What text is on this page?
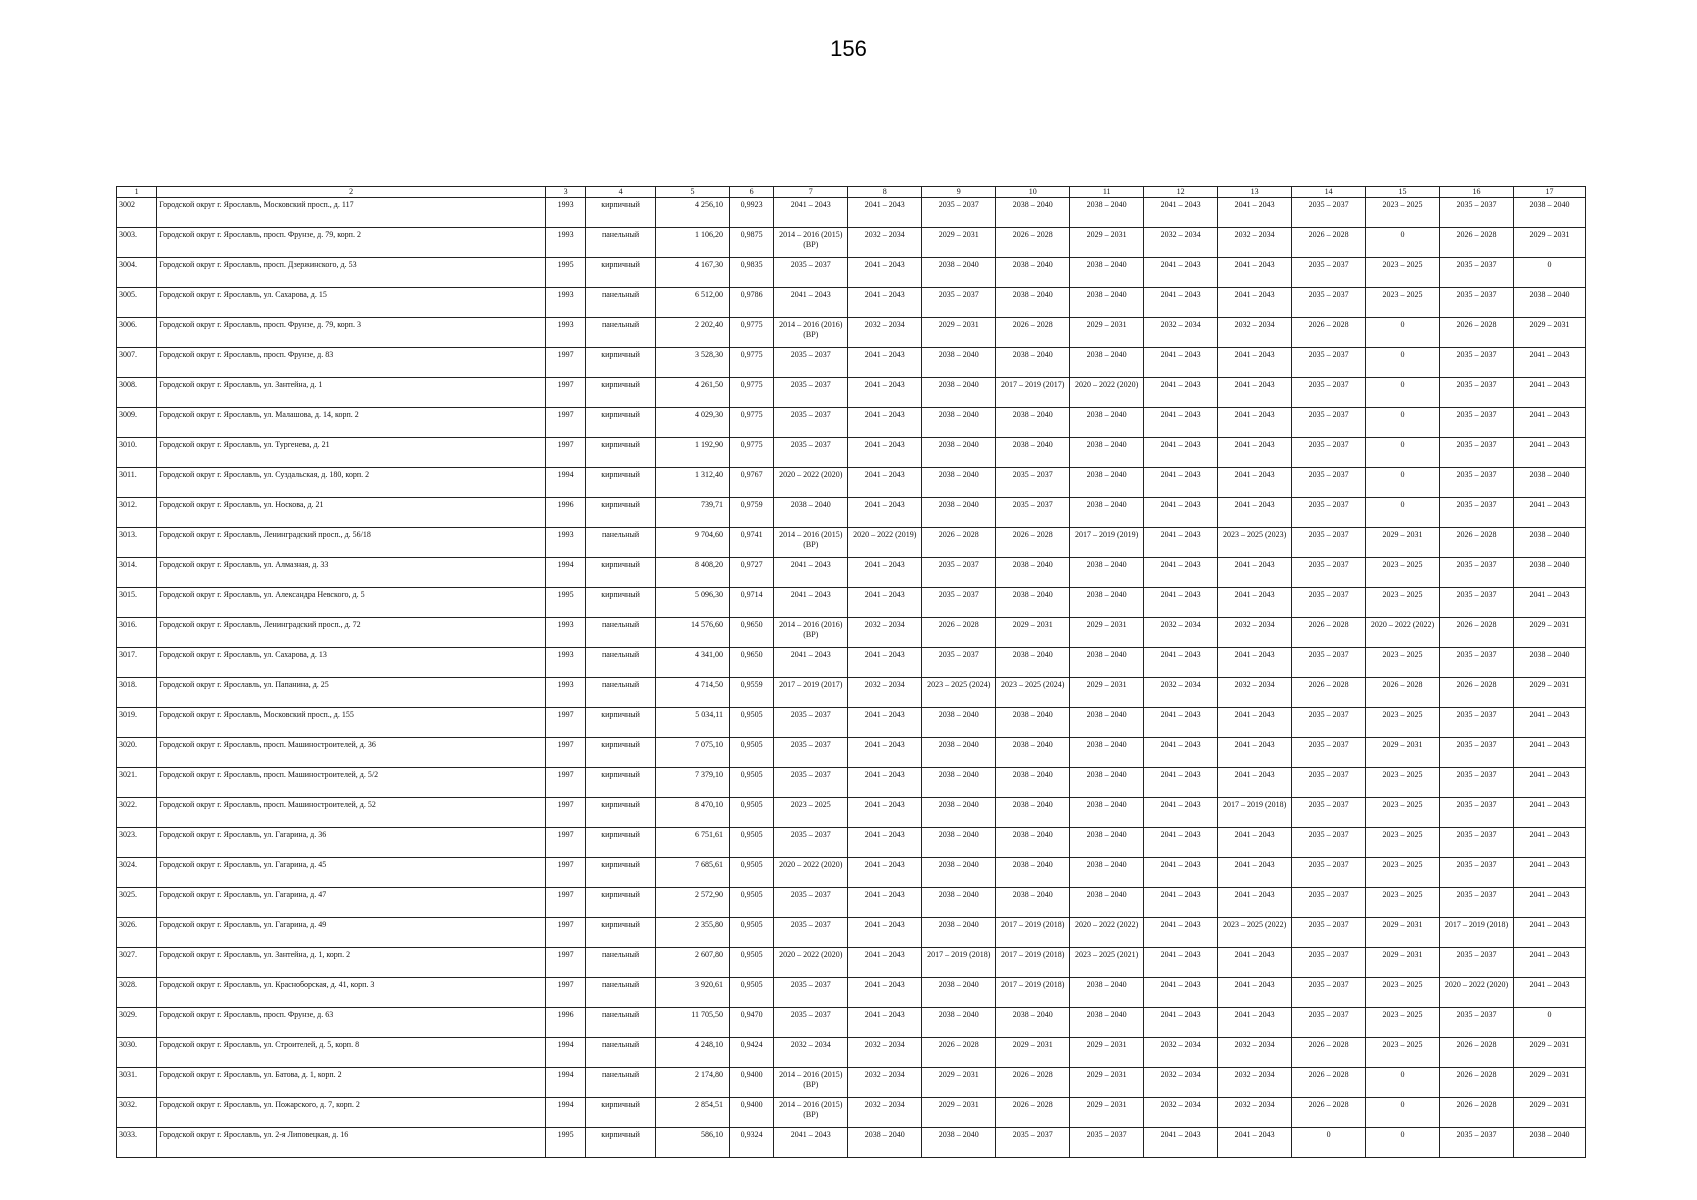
156
1	2	3	4	5	6	7	8	9	10	11	12	13	14	15	16	17
3002	Городской округ г. Ярославль, Московский просп., д. 117	1993	кирпичный	4 256,10	0,9923	2041 – 2043	2041 – 2043	2035 – 2037	2038 – 2040	2038 – 2040	2041 – 2043	2041 – 2043	2035 – 2037	2023 – 2025	2035 – 2037	2038 – 2040
3003.	Городской округ г. Ярославль, просп. Фрунзе, д. 79, корп. 2	1993	панельный	1 106,20	0,9875	2014 – 2016 (2015) (ВР)	2032 – 2034	2029 – 2031	2026 – 2028	2029 – 2031	2032 – 2034	2032 – 2034	2026 – 2028	0	2026 – 2028	2029 – 2031
3004.	Городской округ г. Ярославль, просп. Дзержинского, д. 53	1995	кирпичный	4 167,30	0,9835	2035 – 2037	2041 – 2043	2038 – 2040	2038 – 2040	2038 – 2040	2041 – 2043	2041 – 2043	2035 – 2037	2023 – 2025	2035 – 2037	0
3005.	Городской округ г. Ярославль, ул. Сахарова, д. 15	1993	панельный	6 512,00	0,9786	2041 – 2043	2041 – 2043	2035 – 2037	2038 – 2040	2038 – 2040	2041 – 2043	2041 – 2043	2035 – 2037	2023 – 2025	2035 – 2037	2038 – 2040
3006.	Городской округ г. Ярославль, просп. Фрунзе, д. 79, корп. 3	1993	панельный	2 202,40	0,9775	2014 – 2016 (2016) (ВР)	2032 – 2034	2029 – 2031	2026 – 2028	2029 – 2031	2032 – 2034	2032 – 2034	2026 – 2028	0	2026 – 2028	2029 – 2031
3007.	Городской округ г. Ярославль, просп. Фрунзе, д. 83	1997	кирпичный	3 528,30	0,9775	2035 – 2037	2041 – 2043	2038 – 2040	2038 – 2040	2038 – 2040	2041 – 2043	2041 – 2043	2035 – 2037	0	2035 – 2037	2041 – 2043
3008.	Городской округ г. Ярославль, ул. Зантейна, д. 1	1997	кирпичный	4 261,50	0,9775	2035 – 2037	2041 – 2043	2038 – 2040	2017 – 2019 (2017)	2020 – 2022 (2020)	2041 – 2043	2041 – 2043	2035 – 2037	0	2035 – 2037	2041 – 2043
3009.	Городской округ г. Ярославль, ул. Малашова, д. 14, корп. 2	1997	кирпичный	4 029,30	0,9775	2035 – 2037	2041 – 2043	2038 – 2040	2038 – 2040	2038 – 2040	2041 – 2043	2041 – 2043	2035 – 2037	0	2035 – 2037	2041 – 2043
3010.	Городской округ г. Ярославль, ул. Тургенева, д. 21	1997	кирпичный	1 192,90	0,9775	2035 – 2037	2041 – 2043	2038 – 2040	2038 – 2040	2038 – 2040	2041 – 2043	2041 – 2043	2035 – 2037	0	2035 – 2037	2041 – 2043
3011.	Городской округ г. Ярославль, ул. Суздальская, д. 180, корп. 2	1994	кирпичный	1 312,40	0,9767	2020 – 2022 (2020)	2041 – 2043	2038 – 2040	2035 – 2037	2038 – 2040	2041 – 2043	2041 – 2043	2035 – 2037	0	2035 – 2037	2038 – 2040
3012.	Городской округ г. Ярославль, ул. Носкова, д. 21	1996	кирпичный	739,71	0,9759	2038 – 2040	2041 – 2043	2038 – 2040	2035 – 2037	2038 – 2040	2041 – 2043	2041 – 2043	2035 – 2037	0	2035 – 2037	2041 – 2043
3013.	Городской округ г. Ярославль, Ленинградский просп., д. 56/18	1993	панельный	9 704,60	0,9741	2014 – 2016 (2015) (ВР)	2020 – 2022 (2019)	2026 – 2028	2026 – 2028	2017 – 2019 (2019)	2041 – 2043	2023 – 2025 (2023)	2035 – 2037	2029 – 2031	2026 – 2028	2038 – 2040
3014.	Городской округ г. Ярославль, ул. Алмазная, д. 33	1994	кирпичный	8 408,20	0,9727	2041 – 2043	2041 – 2043	2035 – 2037	2038 – 2040	2038 – 2040	2041 – 2043	2041 – 2043	2035 – 2037	2023 – 2025	2035 – 2037	2038 – 2040
3015.	Городской округ г. Ярославль, ул. Александра Невского, д. 5	1995	кирпичный	5 096,30	0,9714	2041 – 2043	2041 – 2043	2035 – 2037	2038 – 2040	2038 – 2040	2041 – 2043	2041 – 2043	2035 – 2037	2023 – 2025	2035 – 2037	2041 – 2043
3016.	Городской округ г. Ярославль, Ленинградский просп., д. 72	1993	панельный	14 576,60	0,9650	2014 – 2016 (2016) (ВР)	2032 – 2034	2026 – 2028	2029 – 2031	2029 – 2031	2032 – 2034	2032 – 2034	2026 – 2028	2020 – 2022 (2022)	2026 – 2028	2029 – 2031
3017.	Городской округ г. Ярославль, ул. Сахарова, д. 13	1993	панельный	4 341,00	0,9650	2041 – 2043	2041 – 2043	2035 – 2037	2038 – 2040	2038 – 2040	2041 – 2043	2041 – 2043	2035 – 2037	2023 – 2025	2035 – 2037	2038 – 2040
3018.	Городской округ г. Ярославль, ул. Папанина, д. 25	1993	панельный	4 714,50	0,9559	2017 – 2019 (2017)	2032 – 2034	2023 – 2025 (2024)	2023 – 2025 (2024)	2029 – 2031	2032 – 2034	2032 – 2034	2026 – 2028	2026 – 2028	2026 – 2028	2029 – 2031
3019.	Городской округ г. Ярославль, Московский просп., д. 155	1997	кирпичный	5 034,11	0,9505	2035 – 2037	2041 – 2043	2038 – 2040	2038 – 2040	2038 – 2040	2041 – 2043	2041 – 2043	2035 – 2037	2023 – 2025	2035 – 2037	2041 – 2043
3020.	Городской округ г. Ярославль, просп. Машиностроителей, д. 36	1997	кирпичный	7 075,10	0,9505	2035 – 2037	2041 – 2043	2038 – 2040	2038 – 2040	2038 – 2040	2041 – 2043	2041 – 2043	2035 – 2037	2029 – 2031	2035 – 2037	2041 – 2043
3021.	Городской округ г. Ярославль, просп. Машиностроителей, д. 5/2	1997	кирпичный	7 379,10	0,9505	2035 – 2037	2041 – 2043	2038 – 2040	2038 – 2040	2038 – 2040	2041 – 2043	2041 – 2043	2035 – 2037	2023 – 2025	2035 – 2037	2041 – 2043
3022.	Городской округ г. Ярославль, просп. Машиностроителей, д. 52	1997	кирпичный	8 470,10	0,9505	2023 – 2025	2041 – 2043	2038 – 2040	2038 – 2040	2038 – 2040	2041 – 2043	2017 – 2019 (2018)	2035 – 2037	2023 – 2025	2035 – 2037	2041 – 2043
3023.	Городской округ г. Ярославль, ул. Гагарина, д. 36	1997	кирпичный	6 751,61	0,9505	2035 – 2037	2041 – 2043	2038 – 2040	2038 – 2040	2038 – 2040	2041 – 2043	2041 – 2043	2035 – 2037	2023 – 2025	2035 – 2037	2041 – 2043
3024.	Городской округ г. Ярославль, ул. Гагарина, д. 45	1997	кирпичный	7 685,61	0,9505	2020 – 2022 (2020)	2041 – 2043	2038 – 2040	2038 – 2040	2038 – 2040	2041 – 2043	2041 – 2043	2035 – 2037	2023 – 2025	2035 – 2037	2041 – 2043
3025.	Городской округ г. Ярославль, ул. Гагарина, д. 47	1997	кирпичный	2 572,90	0,9505	2035 – 2037	2041 – 2043	2038 – 2040	2038 – 2040	2038 – 2040	2041 – 2043	2041 – 2043	2035 – 2037	2023 – 2025	2035 – 2037	2041 – 2043
3026.	Городской округ г. Ярославль, ул. Гагарина, д. 49	1997	кирпичный	2 355,80	0,9505	2035 – 2037	2041 – 2043	2038 – 2040	2017 – 2019 (2018)	2020 – 2022 (2022)	2041 – 2043	2023 – 2025 (2022)	2035 – 2037	2029 – 2031	2017 – 2019 (2018)	2041 – 2043
3027.	Городской округ г. Ярославль, ул. Зантейна, д. 1, корп. 2	1997	панельный	2 607,80	0,9505	2020 – 2022 (2020)	2041 – 2043	2017 – 2019 (2018)	2017 – 2019 (2018)	2023 – 2025 (2021)	2041 – 2043	2041 – 2043	2035 – 2037	2029 – 2031	2035 – 2037	2041 – 2043
3028.	Городской округ г. Ярославль, ул. Красноборская, д. 41, корп. 3	1997	панельный	3 920,61	0,9505	2035 – 2037	2041 – 2043	2038 – 2040	2017 – 2019 (2018)	2038 – 2040	2041 – 2043	2041 – 2043	2035 – 2037	2023 – 2025	2020 – 2022 (2020)	2041 – 2043
3029.	Городской округ г. Ярославль, просп. Фрунзе, д. 63	1996	панельный	11 705,50	0,9470	2035 – 2037	2041 – 2043	2038 – 2040	2038 – 2040	2038 – 2040	2041 – 2043	2041 – 2043	2035 – 2037	2023 – 2025	2035 – 2037	0
3030.	Городской округ г. Ярославль, ул. Строителей, д. 5, корп. 8	1994	панельный	4 248,10	0,9424	2032 – 2034	2032 – 2034	2026 – 2028	2029 – 2031	2029 – 2031	2032 – 2034	2032 – 2034	2026 – 2028	2023 – 2025	2026 – 2028	2029 – 2031
3031.	Городской округ г. Ярославль, ул. Батова, д. 1, корп. 2	1994	панельный	2 174,80	0,9400	2014 – 2016 (2015) (ВР)	2032 – 2034	2029 – 2031	2026 – 2028	2029 – 2031	2032 – 2034	2032 – 2034	2026 – 2028	0	2026 – 2028	2029 – 2031
3032.	Городской округ г. Ярославль, ул. Пожарского, д. 7, корп. 2	1994	кирпичный	2 854,51	0,9400	2014 – 2016 (2015) (ВР)	2032 – 2034	2029 – 2031	2026 – 2028	2029 – 2031	2032 – 2034	2032 – 2034	2026 – 2028	0	2026 – 2028	2029 – 2031
3033.	Городской округ г. Ярославль, ул. 2-я Липовецкая, д. 16	1995	кирпичный	586,10	0,9324	2041 – 2043	2038 – 2040	2038 – 2040	2035 – 2037	2035 – 2037	2041 – 2043	2041 – 2043	0	0	2035 – 2037	2038 – 2040
